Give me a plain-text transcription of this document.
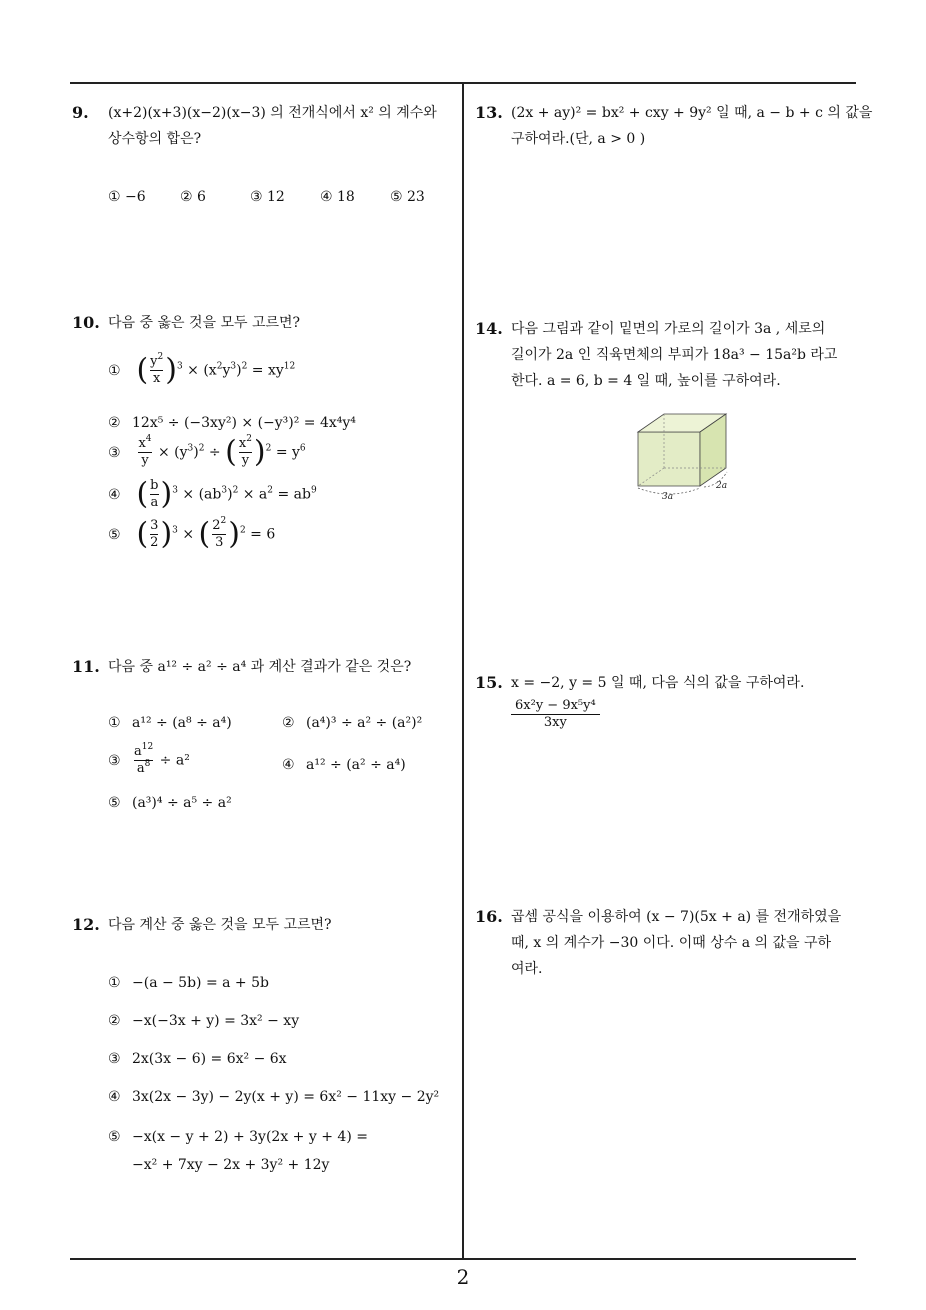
9. (x+2)(x+3)(x−2)(x−3) 의 전개식에서 x² 의 계수와
상수항의 합은?
① −6 ② 6	③ 12	④ 18	⑤ 23
10. 다음 중 옳은 것을 모두 고르면?
① ( $\frac{y^2}{x} )^3 \times (x^2y^3)^2 = xy^{12}$
② 12x⁵ ÷ (−3xy²) × (−y³)² = 4x⁴y⁴
③ $\frac{x^4}{y} \times (y^3)^2$ ÷ ( $\frac{x^2}{y} )^2 = y^6$
④ ( $\frac{b}{a} )^3 \times (ab^3)^2 \times a^2 = ab^9$
⑤ ( $\frac{3}{2} )^3$ × ( $\frac{2^2}{3} )^2 = 6$
11. 다음 중 a¹² ÷ a² ÷ a⁴ 과 계산 결과가 같은 것은?
① a¹² ÷ (a⁸ ÷ a⁴)	② (a⁴)³ ÷ a² ÷ (a²)²
③ $\frac{a^{12}}{a^8} \div a^2$	④ a¹² ÷ (a² ÷ a⁴)
⑤ (a³)⁴ ÷ a⁵ ÷ a²
12. 다음 계산 중 옳은 것을 모두 고르면?
① −(a − 5b) = a + 5b
② −x(−3x + y) = 3x² − xy
③ 2x(3x − 6) = 6x² − 6x
④ 3x(2x − 3y) − 2y(x + y) = 6x² − 11xy − 2y²
⑤ −x(x − y + 2) + 3y(2x + y + 4) =
−x² + 7xy − 2x + 3y² + 12y
13. (2x + ay)² = bx² + cxy + 9y² 일 때, a − b + c 의 값을
구하여라.(단, a > 0 )
14. 다음 그림과 같이 밑면의 가로의 길이가 3a , 세로의
길이가 2a 인 직육면체의 부피가 18a³ − 15a²b 라고
한다. a = 6, b = 4 일 때, 높이를 구하여라.
3a
2a
15. x = −2, y = 5 일 때, 다음 식의 값을 구하여라.
$\frac{\text{6x²y − 9x⁵y⁴}}{3xy}$
16. 곱셈 공식을 이용하여 (x − 7)(5x + a) 를 전개하였을
때, x 의 계수가 −30 이다. 이때 상수 a 의 값을 구하
여라.
2
